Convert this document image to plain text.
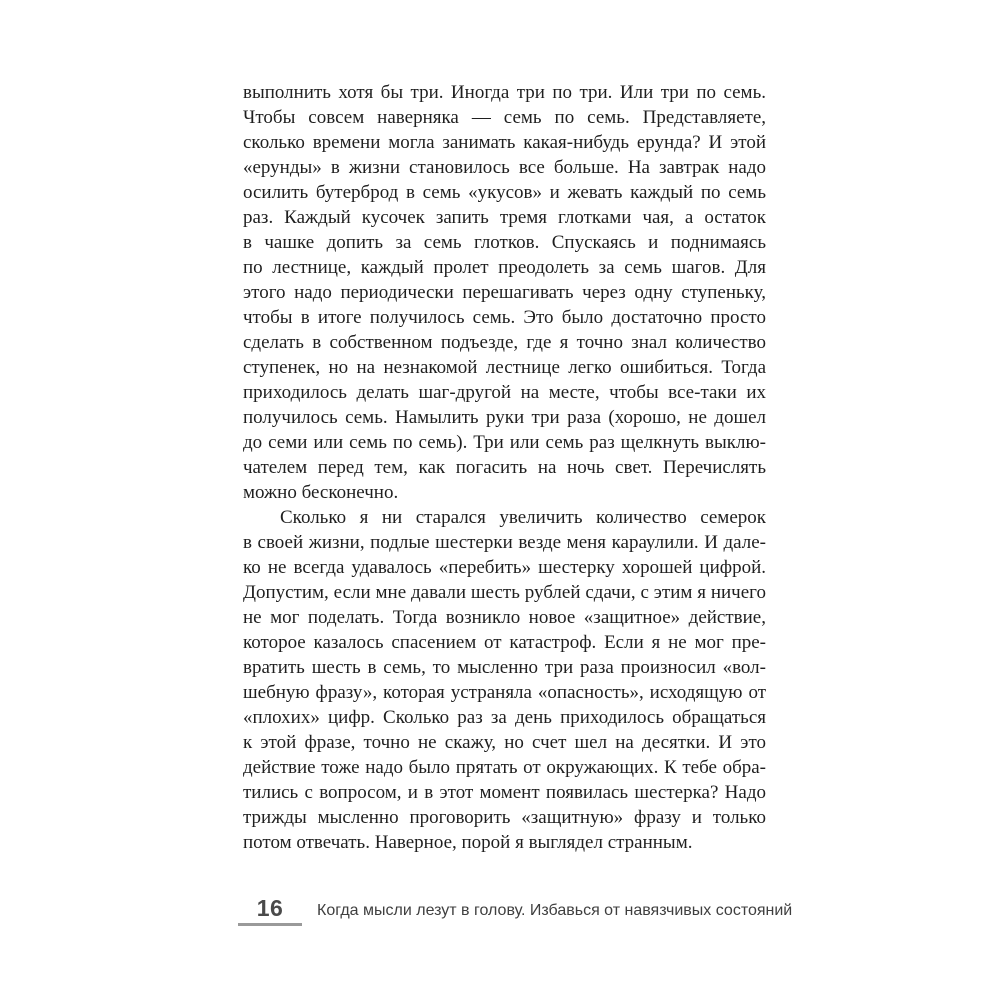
выполнить хотя бы три. Иногда три по три. Или три по семь.
Чтобы совсем наверняка — семь по семь. Представляете,
сколько времени могла занимать какая-нибудь ерунда? И этой
«ерунды» в жизни становилось все больше. На завтрак надо
осилить бутерброд в семь «укусов» и жевать каждый по семь
раз. Каждый кусочек запить тремя глотками чая, а остаток
в чашке допить за семь глотков. Спускаясь и поднимаясь
по лестнице, каждый пролет преодолеть за семь шагов. Для
этого надо периодически перешагивать через одну ступеньку,
чтобы в итоге получилось семь. Это было достаточно просто
сделать в собственном подъезде, где я точно знал количество
ступенек, но на незнакомой лестнице легко ошибиться. Тогда
приходилось делать шаг-другой на месте, чтобы все-таки их
получилось семь. Намылить руки три раза (хорошо, не дошел
до семи или семь по семь). Три или семь раз щелкнуть выклю-
чателем перед тем, как погасить на ночь свет. Перечислять
можно бесконечно.
Сколько я ни старался увеличить количество семерок
в своей жизни, подлые шестерки везде меня караулили. И дале-
ко не всегда удавалось «перебить» шестерку хорошей цифрой.
Допустим, если мне давали шесть рублей сдачи, с этим я ничего
не мог поделать. Тогда возникло новое «защитное» действие,
которое казалось спасением от катастроф. Если я не мог пре-
вратить шесть в семь, то мысленно три раза произносил «вол-
шебную фразу», которая устраняла «опасность», исходящую от
«плохих» цифр. Сколько раз за день приходилось обращаться
к этой фразе, точно не скажу, но счет шел на десятки. И это
действие тоже надо было прятать от окружающих. К тебе обра-
тились с вопросом, и в этот момент появилась шестерка? Надо
трижды мысленно проговорить «защитную» фразу и только
потом отвечать. Наверное, порой я выглядел странным.
16	Когда мысли лезут в голову. Избавься от навязчивых состояний
